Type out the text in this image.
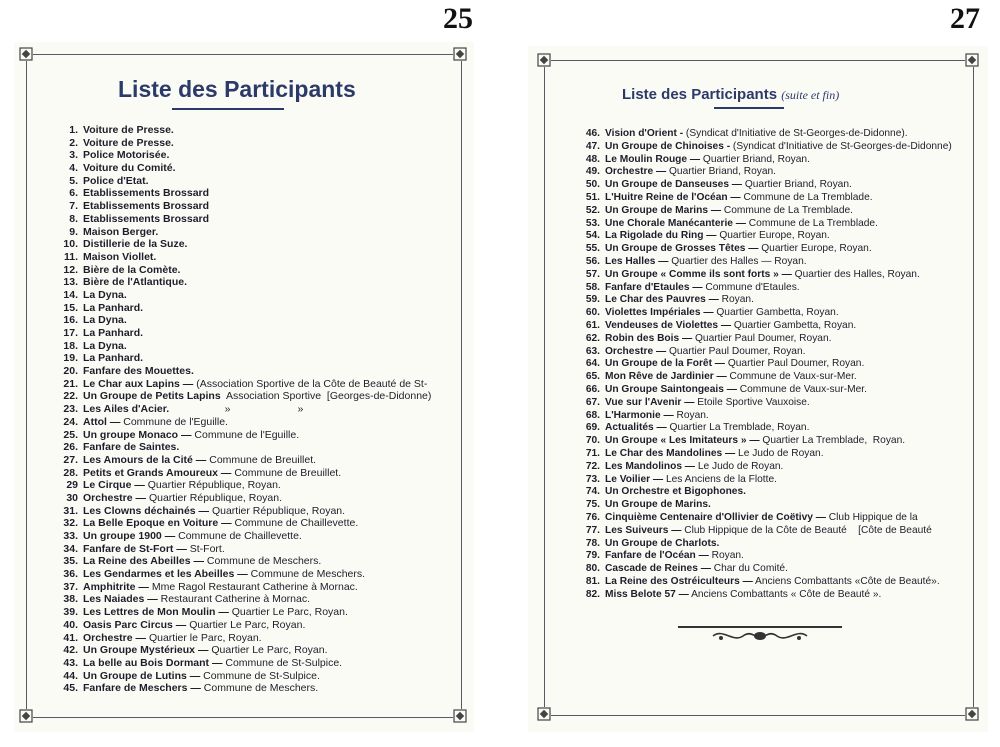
25
Liste des Participants
1. Voiture de Presse.
2. Voiture de Presse.
3. Police Motorisée.
4. Voiture du Comité.
5. Police d'Etat.
6. Etablissements Brossard
7. Etablissements Brossard
8. Etablissements Brossard
9. Maison Berger.
10. Distillerie de la Suze.
11. Maison Viollet.
12. Bière de la Comète.
13. Bière de l'Atlantique.
14. La Dyna.
15. La Panhard.
16. La Dyna.
17. La Panhard.
18. La Dyna.
19. La Panhard.
20. Fanfare des Mouettes.
21. Le Char aux Lapins — (Association Sportive de la Côte de Beauté de St-
22. Un Groupe de Petits Lapins Association Sportive  [Georges-de-Didonne)
23. Les Ailes d'Acier. »                       »
24. Attol — Commune de l'Eguille.
25. Un groupe Monaco — Commune de l'Eguille.
26. Fanfare de Saintes.
27. Les Amours de la Cité — Commune de Breuillet.
28. Petits et Grands Amoureux — Commune de Breuillet.
29 Le Cirque — Quartier République, Royan.
30 Orchestre — Quartier République, Royan.
31. Les Clowns déchainés — Quartier République, Royan.
32. La Belle Epoque en Voiture — Commune de Chaillevette.
33. Un groupe 1900 — Commune de Chaillevette.
34. Fanfare de St-Fort — St-Fort.
35. La Reine des Abeilles — Commune de Meschers.
36. Les Gendarmes et les Abeilles — Commune de Meschers.
37. Amphitrite — Mme Ragol Restaurant Catherine à Mornac.
38. Les Naiades — Restaurant Catherine à Mornac.
39. Les Lettres de Mon Moulin — Quartier Le Parc, Royan.
40. Oasis Parc Circus — Quartier Le Parc, Royan.
41. Orchestre — Quartier le Parc, Royan.
42. Un Groupe Mystérieux — Quartier Le Parc, Royan.
43. La belle au Bois Dormant — Commune de St-Sulpice.
44. Un Groupe de Lutins — Commune de St-Sulpice.
45. Fanfare de Meschers — Commune de Meschers.
27
Liste des Participants (suite et fin)
46. Vision d'Orient - (Syndicat d'Initiative de St-Georges-de-Didonne).
47. Un Groupe de Chinoises - (Syndicat d'Initiative de St-Georges-de-Didonne)
48. Le Moulin Rouge — Quartier Briand, Royan.
49. Orchestre — Quartier Briand, Royan.
50. Un Groupe de Danseuses — Quartier Briand, Royan.
51. L'Huitre Reine de l'Océan — Commune de La Tremblade.
52. Un Groupe de Marins — Commune de La Tremblade.
53. Une Chorale Manécanterie — Commune de La Tremblade.
54. La Rigolade du Ring — Quartier Europe, Royan.
55. Un Groupe de Grosses Têtes — Quartier Europe, Royan.
56. Les Halles — Quartier des Halles — Royan.
57. Un Groupe « Comme ils sont forts » — Quartier des Halles, Royan.
58. Fanfare d'Etaules — Commune d'Etaules.
59. Le Char des Pauvres — Royan.
60. Violettes Impériales — Quartier Gambetta, Royan.
61. Vendeuses de Violettes — Quartier Gambetta, Royan.
62. Robin des Bois — Quartier Paul Doumer, Royan.
63. Orchestre — Quartier Paul Doumer, Royan.
64. Un Groupe de la Forêt — Quartier Paul Doumer, Royan.
65. Mon Rêve de Jardinier — Commune de Vaux-sur-Mer.
66. Un Groupe Saintongeais — Commune de Vaux-sur-Mer.
67. Vue sur l'Avenir — Etoile Sportive Vauxoise.
68. L'Harmonie — Royan.
69. Actualités — Quartier La Tremblade, Royan.
70. Un Groupe « Les Imitateurs » — Quartier La Tremblade,  Royan.
71. Le Char des Mandolines — Le Judo de Royan.
72. Les Mandolinos — Le Judo de Royan.
73. Le Voilier — Les Anciens de la Flotte.
74. Un Orchestre et Bigophones.
75. Un Groupe de Marins.
76. Cinquième Centenaire d'Ollivier de Coëtivy — Club Hippique de la
77. Les Suiveurs — Club Hippique de la Côte de Beauté    [Côte de Beauté
78. Un Groupe de Charlots.
79. Fanfare de l'Océan — Royan.
80. Cascade de Reines — Char du Comité.
81. La Reine des Ostréiculteurs — Anciens Combattants «Côte de Beauté».
82. Miss Belote 57 — Anciens Combattants « Côte de Beauté ».
